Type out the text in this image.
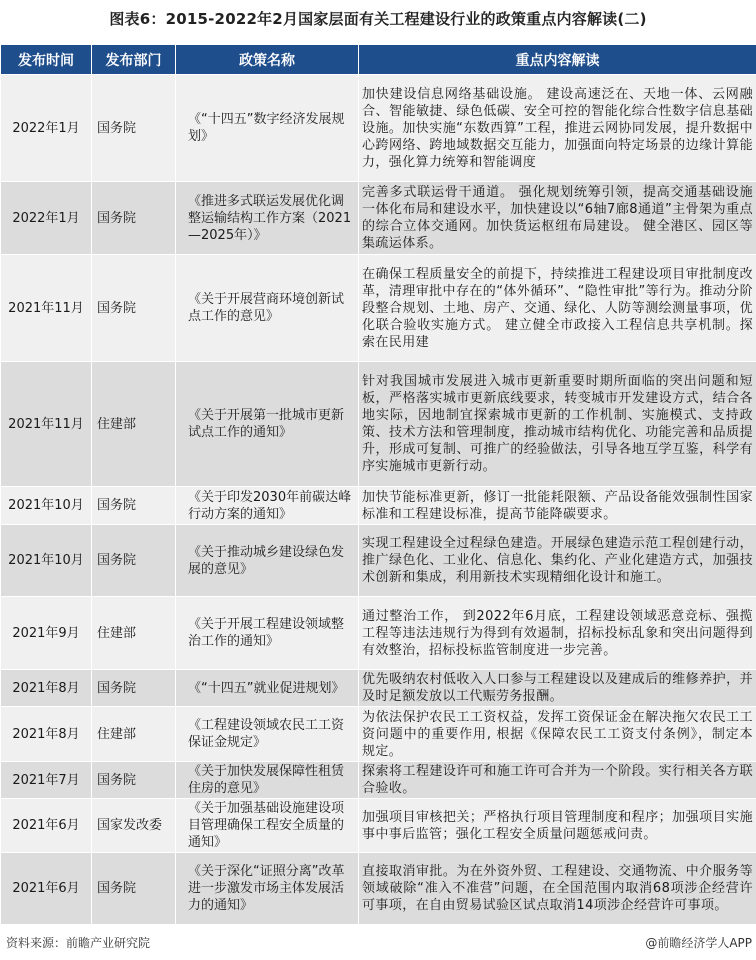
图表6：2015-2022年2月国家层面有关工程建设行业的政策重点内容解读(二)
发布时间	发布部门	政策名称	重点内容解读
2022年1月	国务院	《“十四五”数字经济发展规划》	加快建设信息网络基础设施。 建设高速泛在、天地一体、云网融合、智能敏捷、绿色低碳、安全可控的智能化综合性数字信息基础设施。加快实施“东数西算”工程，推进云网协同发展，提升数据中心跨网络、跨地域数据交互能力，加强面向特定场景的边缘计算能力，强化算力统筹和智能调度
2022年1月	国务院	《推进多式联运发展优化调整运输结构工作方案（2021—2025年）》	完善多式联运骨干通道。 强化规划统筹引领，提高交通基础设施一体化布局和建设水平，加快建设以“6轴7廊8通道”主骨架为重点的综合立体交通网。加快货运枢纽布局建设。 健全港区、园区等集疏运体系。
2021年11月	国务院	《关于开展营商环境创新试点工作的意见》	在确保工程质量安全的前提下，持续推进工程建设项目审批制度改革，清理审批中存在的“体外循环”、“隐性审批”等行为。推动分阶段整合规划、土地、房产、交通、绿化、人防等测绘测量事项，优化联合验收实施方式。 建立健全市政接入工程信息共享机制。探索在民用建
2021年11月	住建部	《关于开展第一批城市更新试点工作的通知》	针对我国城市发展进入城市更新重要时期所面临的突出问题和短板，严格落实城市更新底线要求，转变城市开发建设方式，结合各地实际，因地制宜探索城市更新的工作机制、实施模式、支持政策、技术方法和管理制度，推动城市结构优化、功能完善和品质提升，形成可复制、可推广的经验做法，引导各地互学互鉴，科学有序实施城市更新行动。
2021年10月	国务院	《关于印发2030年前碳达峰行动方案的通知》	加快节能标准更新，修订一批能耗限额、产品设备能效强制性国家标准和工程建设标准，提高节能降碳要求。
2021年10月	国务院	《关于推动城乡建设绿色发展的意见》	实现工程建设全过程绿色建造。开展绿色建造示范工程创建行动，推广绿色化、工业化、信息化、集约化、产业化建造方式，加强技术创新和集成，利用新技术实现精细化设计和施工。
2021年9月	住建部	《关于开展工程建设领域整治工作的通知》	通过整治工作， 到2022年6月底，工程建设领域恶意竞标、强揽工程等违法违规行为得到有效遏制，招标投标乱象和突出问题得到有效整治，招标投标监管制度进一步完善。
2021年8月	国务院	《“十四五”就业促进规划》	优先吸纳农村低收入人口参与工程建设以及建成后的维修养护，并及时足额发放以工代赈劳务报酬。
2021年8月	住建部	《工程建设领域农民工工资保证金规定》	为依法保护农民工工资权益，发挥工资保证金在解决拖欠农民工工资问题中的重要作用, 根据《保障农民工工资支付条例》，制定本规定。
2021年7月	国务院	《关于加快发展保障性租赁住房的意见》	探索将工程建设许可和施工许可合并为一个阶段。实行相关各方联合验收。
2021年6月	国家发改委	《关于加强基础设施建设项目管理确保工程安全质量的通知》	加强项目审核把关；严格执行项目管理制度和程序；加强项目实施事中事后监管；强化工程安全质量问题惩戒问责。
2021年6月	国务院	《关于深化“证照分离”改革进一步激发市场主体发展活力的通知》	直接取消审批。为在外资外贸、工程建设、交通物流、中介服务等领域破除“准入不准营”问题，在全国范围内取消68项涉企经营许可事项，在自由贸易试验区试点取消14项涉企经营许可事项。
资料来源：前瞻产业研究院	@前瞻经济学人APP
